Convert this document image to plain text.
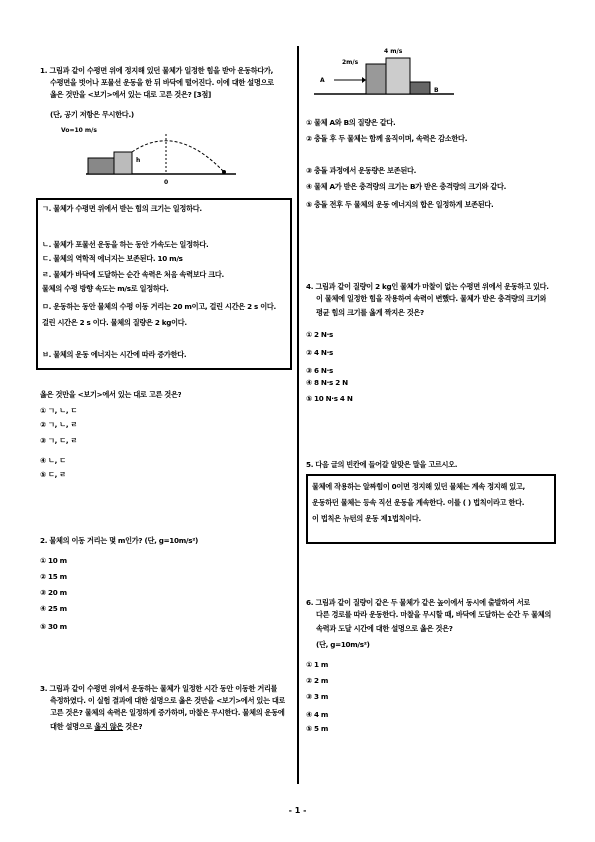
1. 그림과 같이 수평면 위에 정지해 있던 물체가 일정한 힘을 받아 운동하다가,
수평면을 벗어나 포물선 운동을 한 뒤 바닥에 떨어진다. 이에 대한 설명으로
옳은 것만을 <보기>에서 있는 대로 고른 것은? [3점]
(단, 공기 저항은 무시한다.)
Vo=10 m/s
h
0
ㄱ. 물체가 수평면 위에서 받는 힘의 크기는 일정하다.
ㄴ. 물체가 포물선 운동을 하는 동안 가속도는 일정하다.
ㄷ. 물체의 역학적 에너지는 보존된다. 10 m/s
ㄹ. 물체가 바닥에 도달하는 순간 속력은 처음 속력보다 크다.
물체의 수평 방향 속도는 m/s로 일정하다.
ㅁ. 운동하는 동안 물체의 수평 이동 거리는 20 m이고, 걸린 시간은 2 s 이다.
걸린 시간은 2 s 이다. 물체의 질량은 2 kg이다.
ㅂ. 물체의 운동 에너지는 시간에 따라 증가한다.
옳은 것만을 <보기>에서 있는 대로 고른 것은?
① ㄱ, ㄴ, ㄷ
② ㄱ, ㄴ, ㄹ
③ ㄱ, ㄷ, ㄹ
④ ㄴ, ㄷ
⑤ ㄷ, ㄹ
2. 물체의 이동 거리는 몇 m인가? (단, g=10m/s²)
① 10 m
② 15 m
③ 20 m
④ 25 m
⑤ 30 m
3. 그림과 같이 수평면 위에서 운동하는 물체가 일정한 시간 동안 이동한 거리를
측정하였다. 이 실험 결과에 대한 설명으로 옳은 것만을 <보기>에서 있는 대로
고른 것은? 물체의 속력은 일정하게 증가하며, 마찰은 무시한다. 물체의 운동에
대한 설명으로 옳지 않은 것은?
2m/s
4 m/s
A
B
① 물체 A와 B의 질량은 같다.
② 충돌 후 두 물체는 함께 움직이며, 속력은 감소한다.
③ 충돌 과정에서 운동량은 보존된다.
④ 물체 A가 받은 충격량의 크기는 B가 받은 충격량의 크기와 같다.
⑤ 충돌 전후 두 물체의 운동 에너지의 합은 일정하게 보존된다.
4. 그림과 같이 질량이 2 kg인 물체가 마찰이 없는 수평면 위에서 운동하고 있다.
이 물체에 일정한 힘을 작용하여 속력이 변했다. 물체가 받은 충격량의 크기와
평균 힘의 크기를 옳게 짝지은 것은?
① 2 N·s
② 4 N·s
③ 6 N·s
④ 8 N·s 2 N
⑤ 10 N·s 4 N
5. 다음 글의 빈칸에 들어갈 알맞은 말을 고르시오.
물체에 작용하는 알짜힘이 0이면 정지해 있던 물체는 계속 정지해 있고,
운동하던 물체는 등속 직선 운동을 계속한다. 이를 ( ) 법칙이라고 한다.
이 법칙은 뉴턴의 운동 제1법칙이다.
6. 그림과 같이 질량이 같은 두 물체가 같은 높이에서 동시에 출발하여 서로
다른 경로를 따라 운동한다. 마찰을 무시할 때, 바닥에 도달하는 순간 두 물체의
속력과 도달 시간에 대한 설명으로 옳은 것은?
(단, g=10m/s²)
① 1 m
② 2 m
③ 3 m
④ 4 m
⑤ 5 m
- 1 -
